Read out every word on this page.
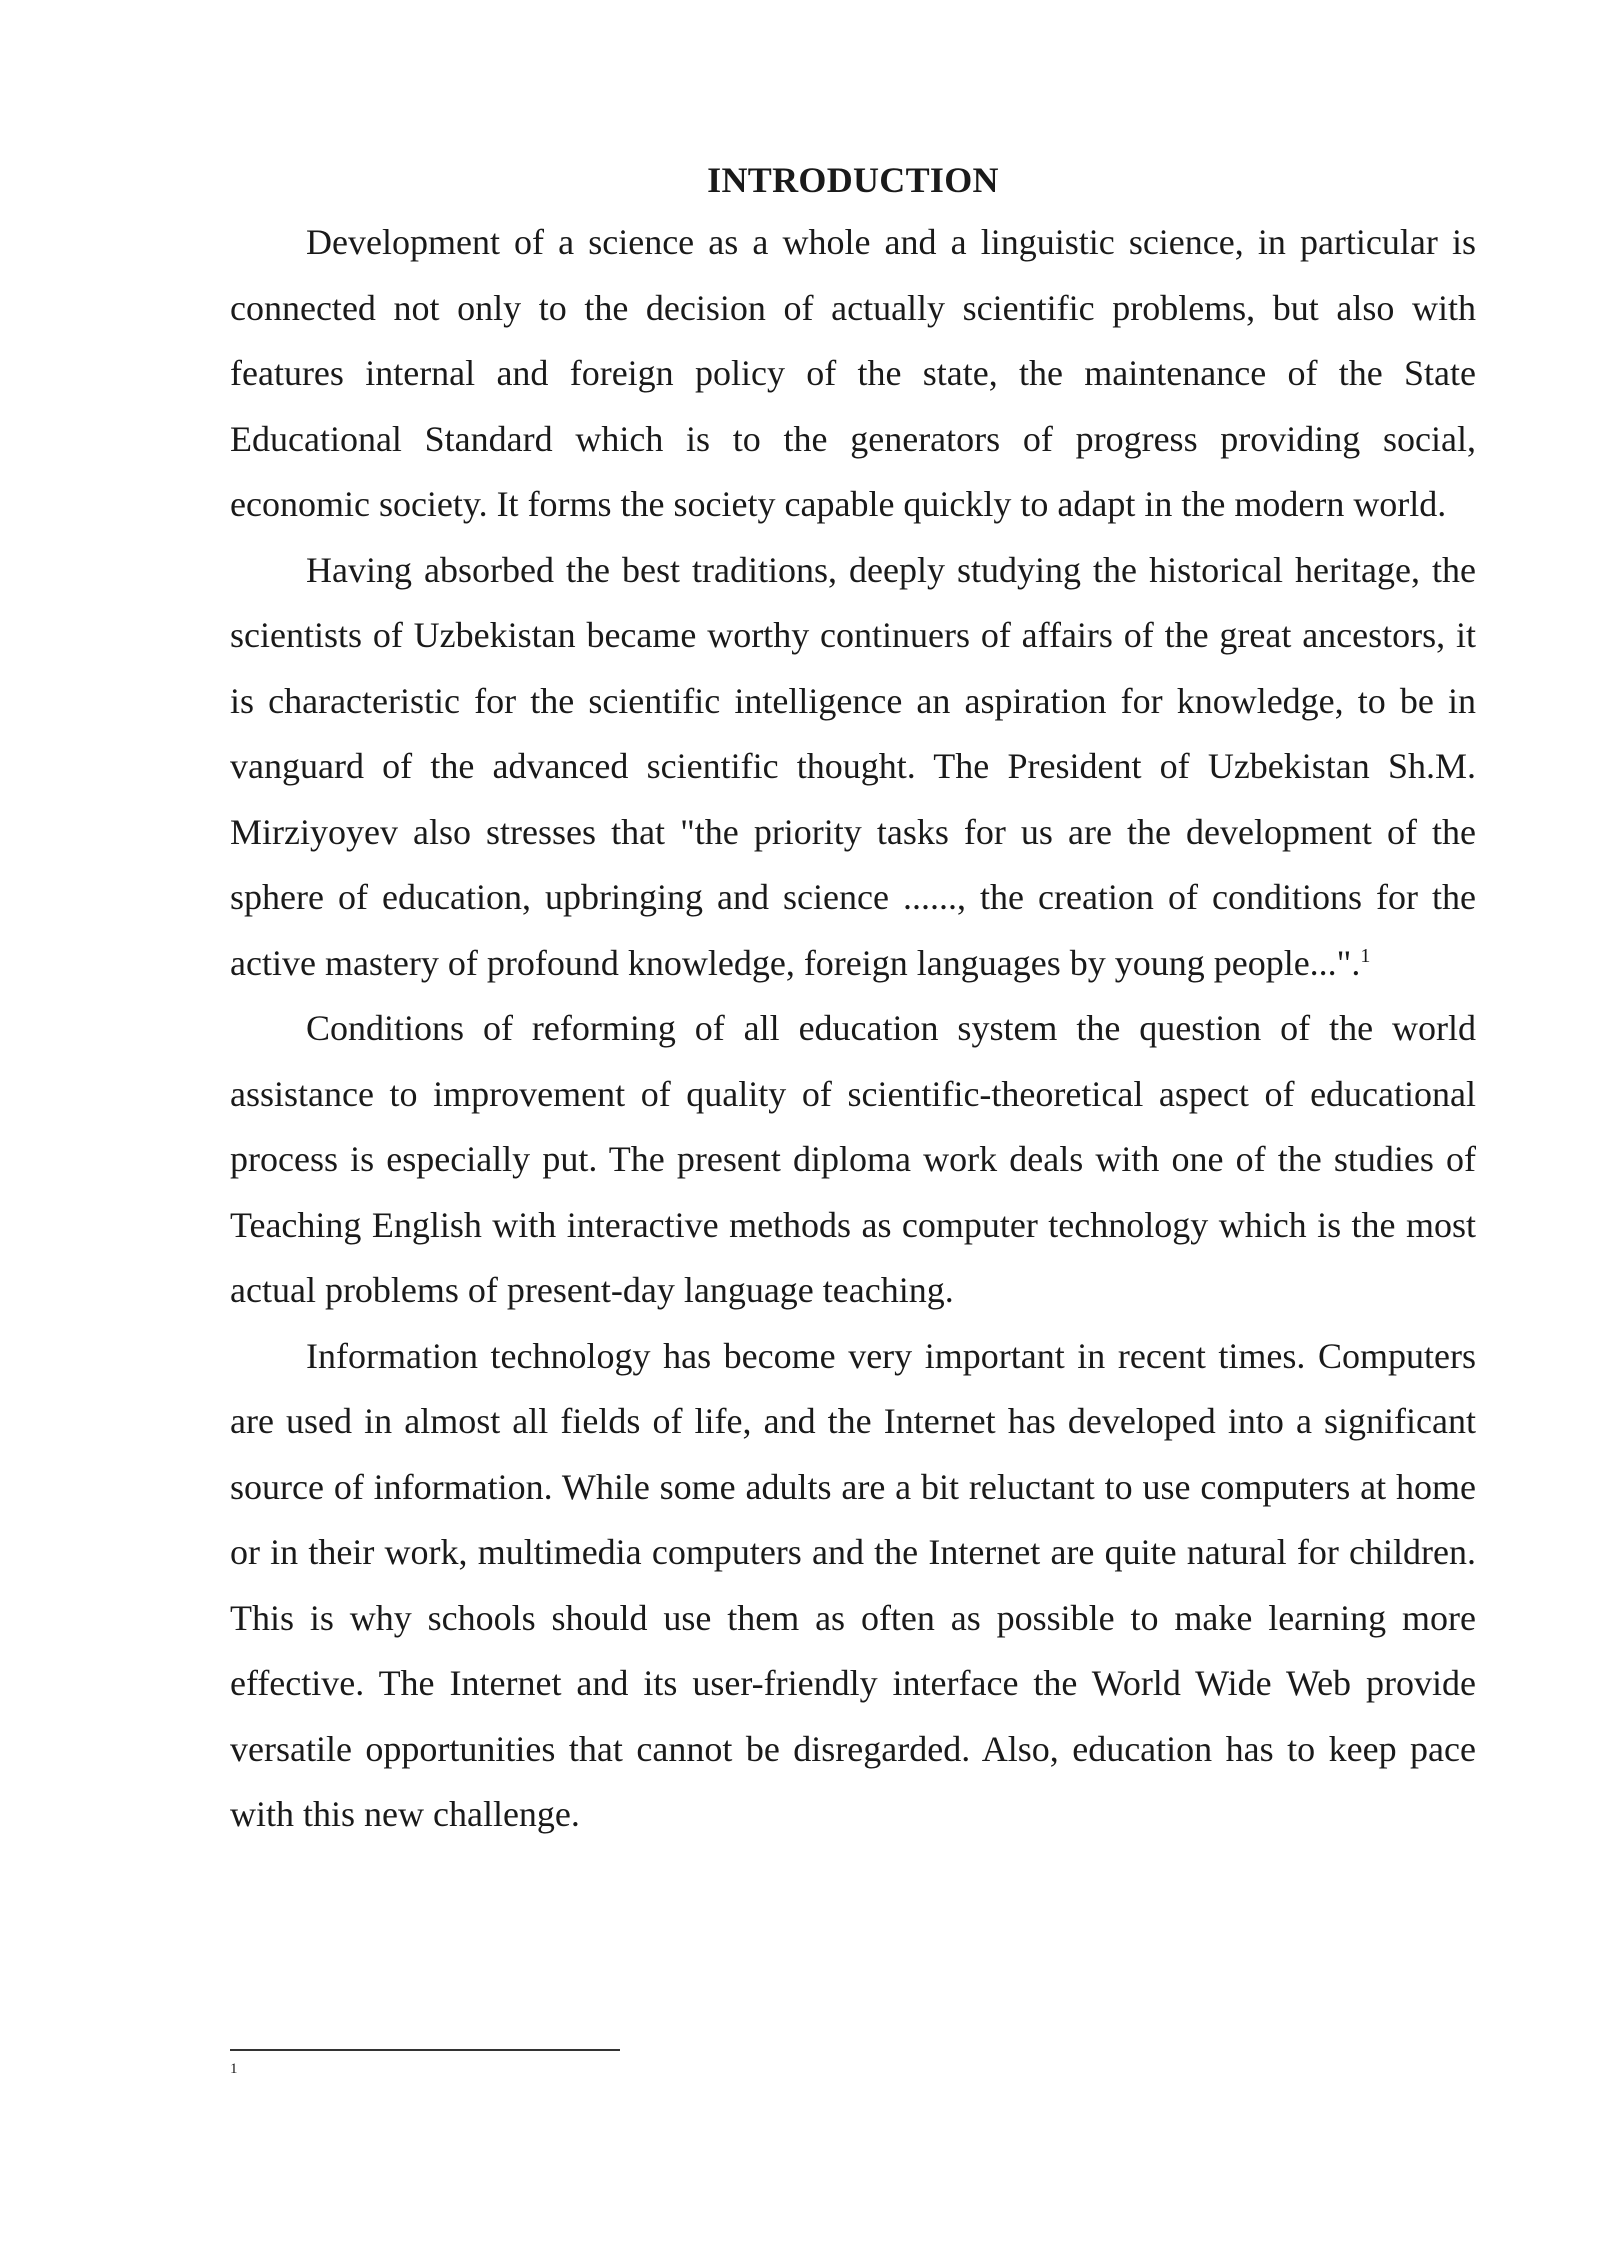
INTRODUCTION

Development of a science as a whole and a linguistic science, in particular is connected not only to the decision of actually scientific problems, but also with features internal and foreign policy of the state, the maintenance of the State Educational Standard which is to the generators of progress providing social, economic society. It forms the society capable quickly to adapt in the modern world.

Having absorbed the best traditions, deeply studying the historical heritage, the scientists of Uzbekistan became worthy continuers of affairs of the great ancestors, it is characteristic for the scientific intelligence an aspiration for knowledge, to be in vanguard of the advanced scientific thought. The President of Uzbekistan Sh.M. Mirziyoyev also stresses that "the priority tasks for us are the development of the sphere of education, upbringing and science ......, the creation of conditions for the active mastery of profound knowledge, foreign languages by young people...".$^1$

Conditions of reforming of all education system the question of the world assistance to improvement of quality of scientific-theoretical aspect of educational process is especially put. The present diploma work deals with one of the studies of Teaching English with interactive methods as computer technology which is the most actual problems of present-day language teaching.

Information technology has become very important in recent times. Computers are used in almost all fields of life, and the Internet has developed into a significant source of information. While some adults are a bit reluctant to use computers at home or in their work, multimedia computers and the Internet are quite natural for children. This is why schools should use them as often as possible to make learning more effective. The Internet and its user-friendly interface the World Wide Web provide versatile opportunities that cannot be disregarded. Also, education has to keep pace with this new challenge.

1
